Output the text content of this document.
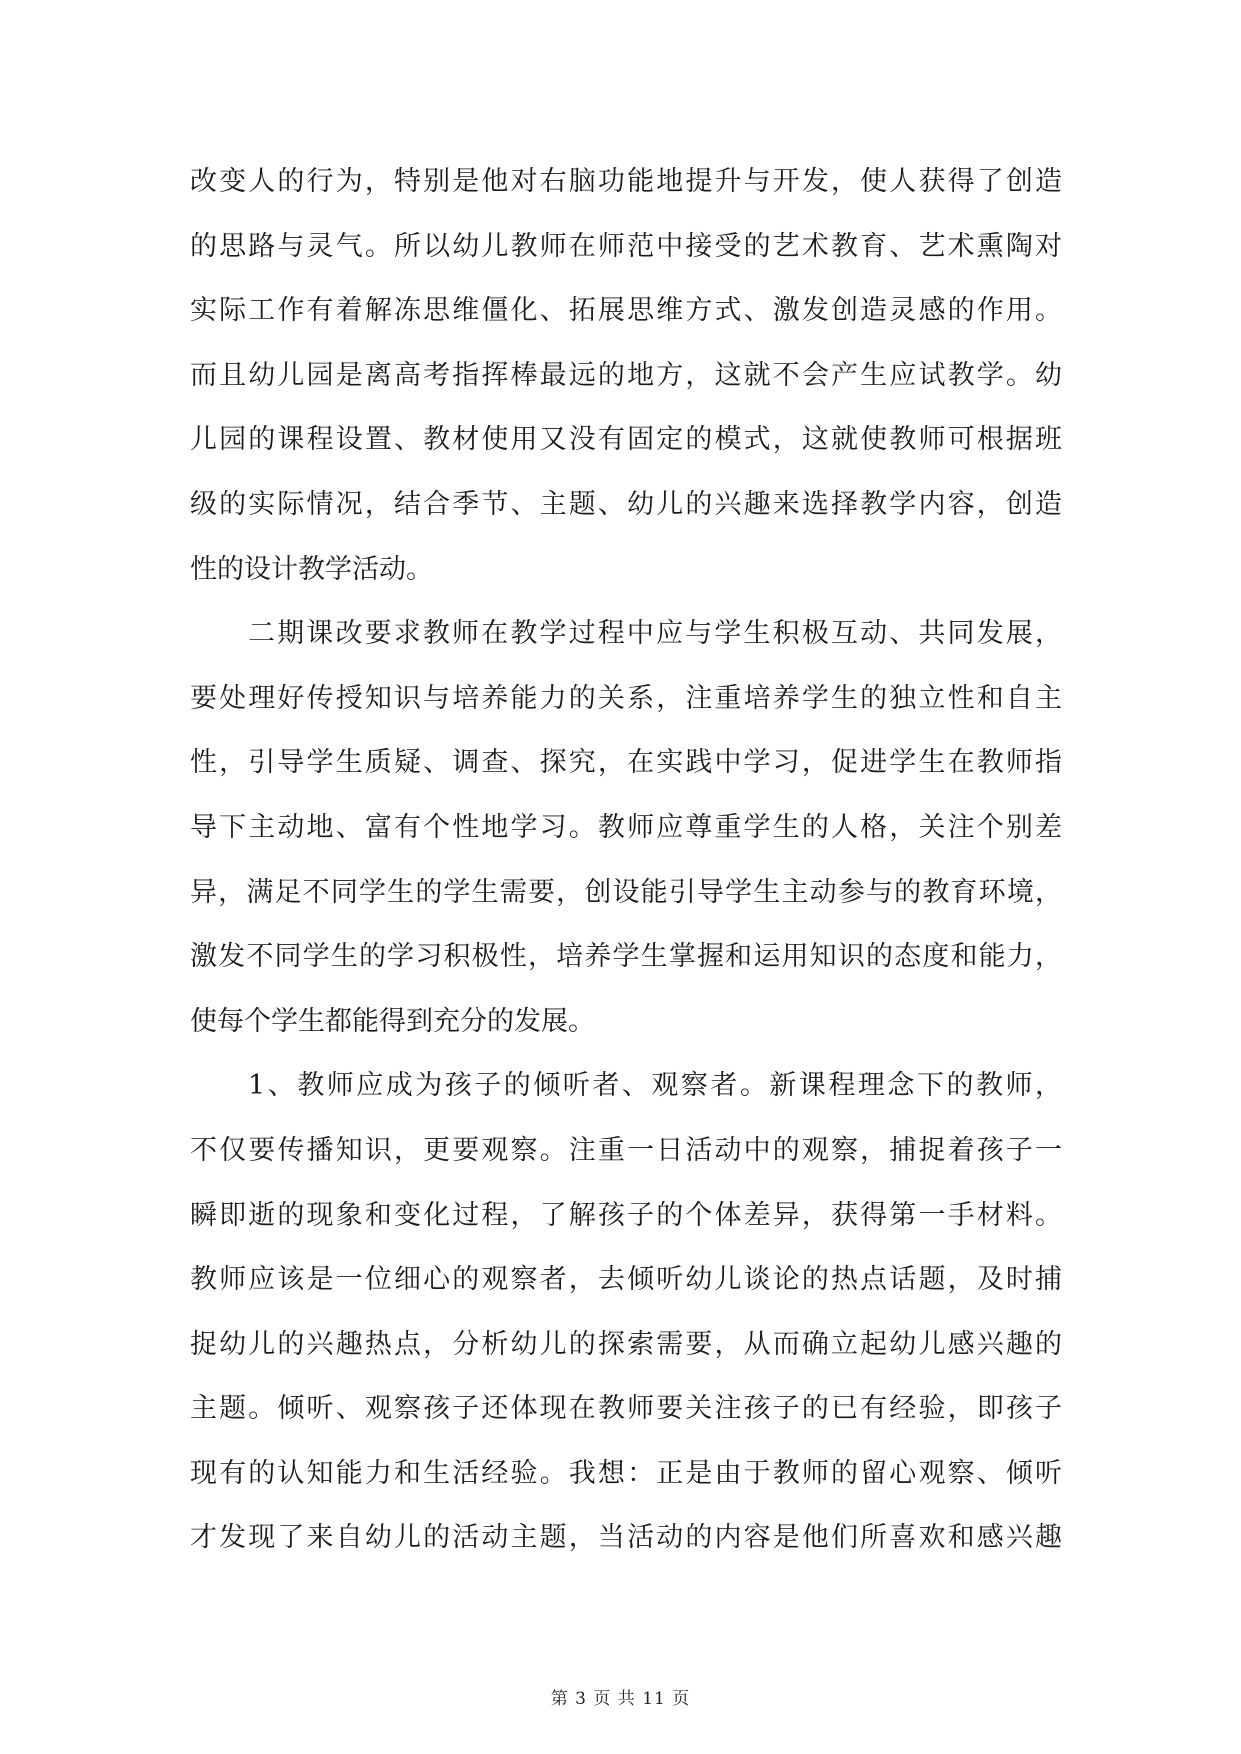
改变人的行为，特别是他对右脑功能地提升与开发，使人获得了创造
的思路与灵气。所以幼儿教师在师范中接受的艺术教育、艺术熏陶对
实际工作有着解冻思维僵化、拓展思维方式、激发创造灵感的作用。
而且幼儿园是离高考指挥棒最远的地方，这就不会产生应试教学。幼
儿园的课程设置、教材使用又没有固定的模式，这就使教师可根据班
级的实际情况，结合季节、主题、幼儿的兴趣来选择教学内容，创造
性的设计教学活动。
二期课改要求教师在教学过程中应与学生积极互动、共同发展，
要处理好传授知识与培养能力的关系，注重培养学生的独立性和自主
性，引导学生质疑、调查、探究，在实践中学习，促进学生在教师指
导下主动地、富有个性地学习。教师应尊重学生的人格，关注个别差
异，满足不同学生的学生需要，创设能引导学生主动参与的教育环境，
激发不同学生的学习积极性，培养学生掌握和运用知识的态度和能力，
使每个学生都能得到充分的发展。
1、教师应成为孩子的倾听者、观察者。新课程理念下的教师，
不仅要传播知识，更要观察。注重一日活动中的观察，捕捉着孩子一
瞬即逝的现象和变化过程，了解孩子的个体差异，获得第一手材料。
教师应该是一位细心的观察者，去倾听幼儿谈论的热点话题，及时捕
捉幼儿的兴趣热点，分析幼儿的探索需要，从而确立起幼儿感兴趣的
主题。倾听、观察孩子还体现在教师要关注孩子的已有经验，即孩子
现有的认知能力和生活经验。我想：正是由于教师的留心观察、倾听
才发现了来自幼儿的活动主题，当活动的内容是他们所喜欢和感兴趣
第 3 页 共 11 页
